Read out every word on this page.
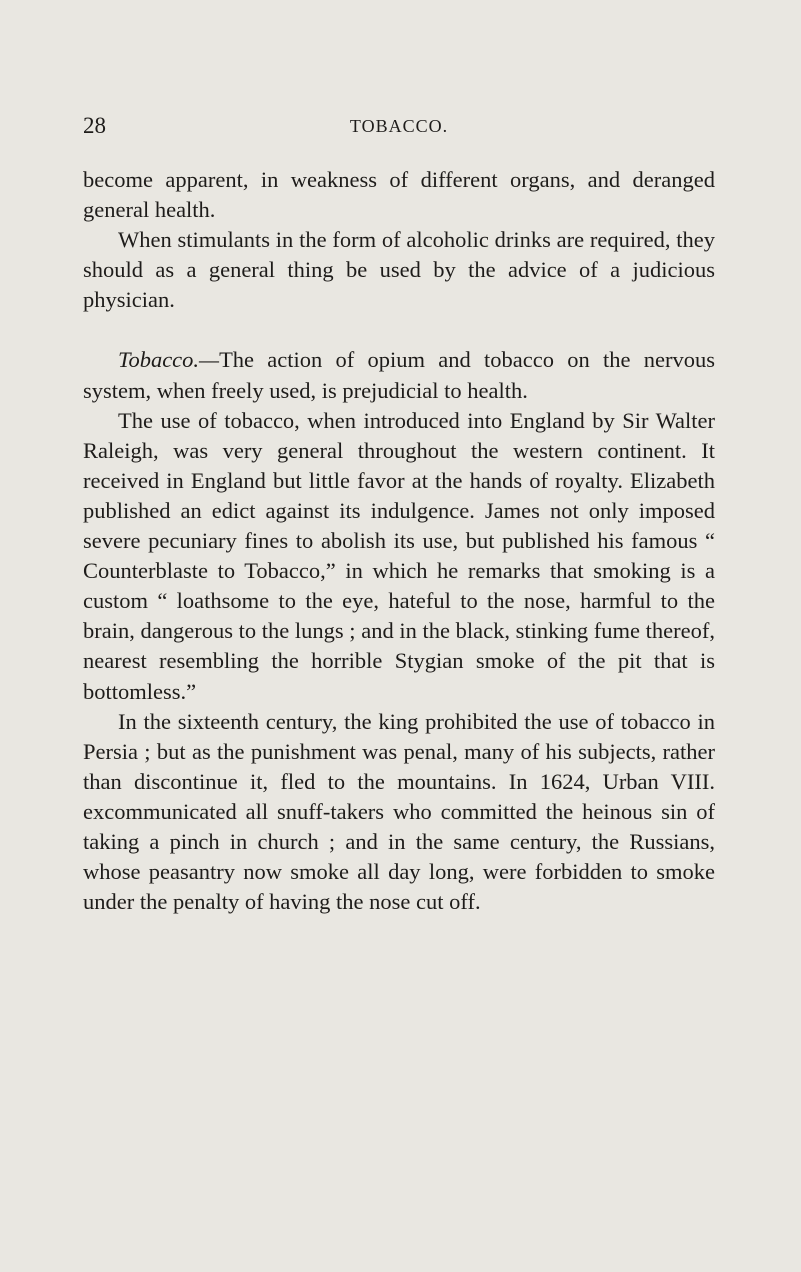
28	TOBACCO.

become apparent, in weakness of different organs, and deranged general health.

When stimulants in the form of alcoholic drinks are required, they should as a general thing be used by the advice of a judicious physician.

Tobacco.—The action of opium and tobacco on the nervous system, when freely used, is prejudicial to health.

The use of tobacco, when introduced into England by Sir Walter Raleigh, was very general throughout the western continent. It received in England but little favor at the hands of royalty. Elizabeth published an edict against its indulgence. James not only imposed severe pecuniary fines to abolish its use, but published his famous “ Counterblaste to Tobacco,” in which he remarks that smoking is a custom “ loathsome to the eye, hateful to the nose, harmful to the brain, dangerous to the lungs ; and in the black, stinking fume thereof, nearest resembling the horrible Stygian smoke of the pit that is bottomless.”

In the sixteenth century, the king prohibited the use of tobacco in Persia ; but as the punishment was penal, many of his subjects, rather than discontinue it, fled to the mountains. In 1624, Urban VIII. excommunicated all snuff-takers who committed the heinous sin of taking a pinch in church ; and in the same century, the Russians, whose peasantry now smoke all day long, were forbidden to smoke under the penalty of having the nose cut off.
